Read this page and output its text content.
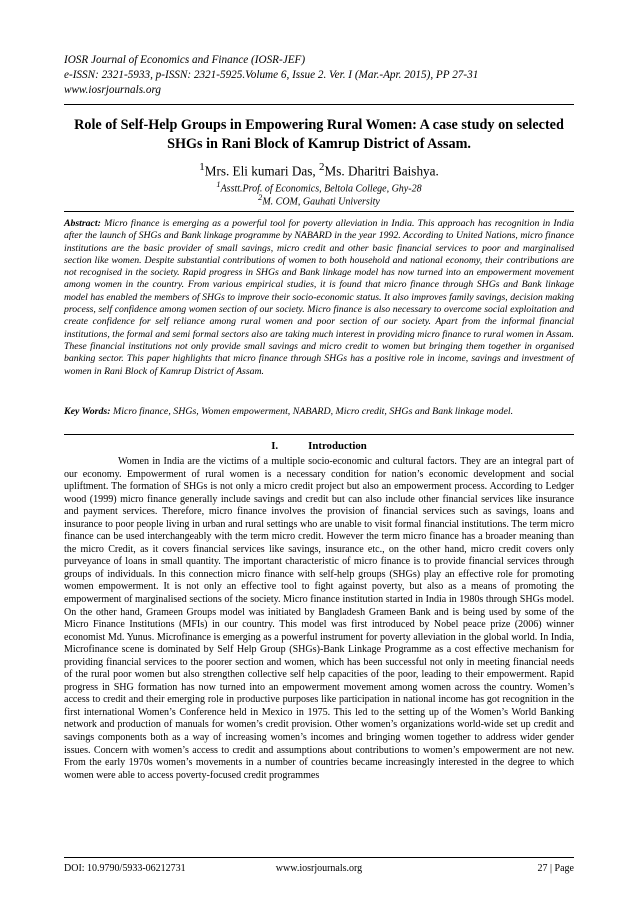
IOSR Journal of Economics and Finance (IOSR-JEF)
e-ISSN: 2321-5933, p-ISSN: 2321-5925.Volume 6, Issue 2. Ver. I (Mar.-Apr. 2015), PP 27-31
www.iosrjournals.org
Role of Self-Help Groups in Empowering Rural Women: A case study on selected SHGs in Rani Block of Kamrup District of Assam.
$^1$Mrs. Eli kumari Das, $^2$Ms. Dharitri Baishya.
$^1$Asstt.Prof. of Economics, Beltola College, Ghy-28
$^2$M. COM, Gauhati University
Abstract: Micro finance is emerging as a powerful tool for poverty alleviation in India. This approach has recognition in India after the launch of SHGs and Bank linkage programme by NABARD in the year 1992. According to United Nations, micro finance institutions are the basic provider of small savings, micro credit and other basic financial services to poor and marginalised section like women. Despite substantial contributions of women to both household and national economy, their contributions are not recognised in the society. Rapid progress in SHGs and Bank linkage model has now turned into an empowerment movement among women in the country. From various empirical studies, it is found that micro finance through SHGs and Bank linkage model has enabled the members of SHGs to improve their socio-economic status. It also improves family savings, decision making process, self confidence among women section of our society. Micro finance is also necessary to overcome social exploitation and create confidence for self reliance among rural women and poor section of our society. Apart from the informal financial institutions, the formal and semi formal sectors also are taking much interest in providing micro finance to rural women in Assam. These financial institutions not only provide small savings and micro credit to women but bringing them together in organised banking sector. This paper highlights that micro finance through SHGs has a positive role in income, savings and investment of women in Rani Block of Kamrup District of Assam.
Key Words: Micro finance, SHGs, Women empowerment, NABARD, Micro credit, SHGs and Bank linkage model.
I.	Introduction

Women in India are the victims of a multiple socio-economic and cultural factors. They are an integral part of our economy. Empowerment of rural women is a necessary condition for nation’s economic development and social upliftment. The formation of SHGs is not only a micro credit project but also an empowerment process. According to Ledger wood (1999) micro finance generally include savings and credit but can also include other financial services like insurance and payment services. Therefore, micro finance involves the provision of financial services such as savings, loans and insurance to poor people living in urban and rural settings who are unable to visit formal financial institutions. The term micro finance can be used interchangeably with the term micro credit. However the term micro finance has a broader meaning than the micro Credit, as it covers financial services like savings, insurance etc., on the other hand, micro credit covers only purveyance of loans in small quantity. The important characteristic of micro finance is to provide financial services through groups of individuals. In this connection micro finance with self-help groups (SHGs) play an effective role for promoting women empowerment. It is not only an effective tool to fight against poverty, but also as a means of promoting the empowerment of marginalised sections of the society. Micro finance institution started in India in 1980s through SHGs model. On the other hand, Grameen Groups model was initiated by Bangladesh Grameen Bank and is being used by some of the Micro Finance Institutions (MFIs) in our country. This model was first introduced by Nobel peace prize (2006) winner economist Md. Yunus. Microfinance is emerging as a powerful instrument for poverty alleviation in the global world. In India, Microfinance scene is dominated by Self Help Group (SHGs)-Bank Linkage Programme as a cost effective mechanism for providing financial services to the poorer section and women, which has been successful not only in meeting financial needs of the rural poor women but also strengthen collective self help capacities of the poor, leading to their empowerment. Rapid progress in SHG formation has now turned into an empowerment movement among women across the country. Women’s access to credit and their emerging role in productive purposes like participation in national income has got recognition in the first international Women’s Conference held in Mexico in 1975. This led to the setting up of the Women’s World Banking network and production of manuals for women’s credit provision. Other women’s organizations world-wide set up credit and savings components both as a way of increasing women’s incomes and bringing women together to address wider gender issues. Concern with women’s access to credit and assumptions about contributions to women’s empowerment are not new. From the early 1970s women’s movements in a number of countries became increasingly interested in the degree to which women were able to access poverty-focused credit programmes

DOI: 10.9790/5933-06212731	www.iosrjournals.org	27 | Page
